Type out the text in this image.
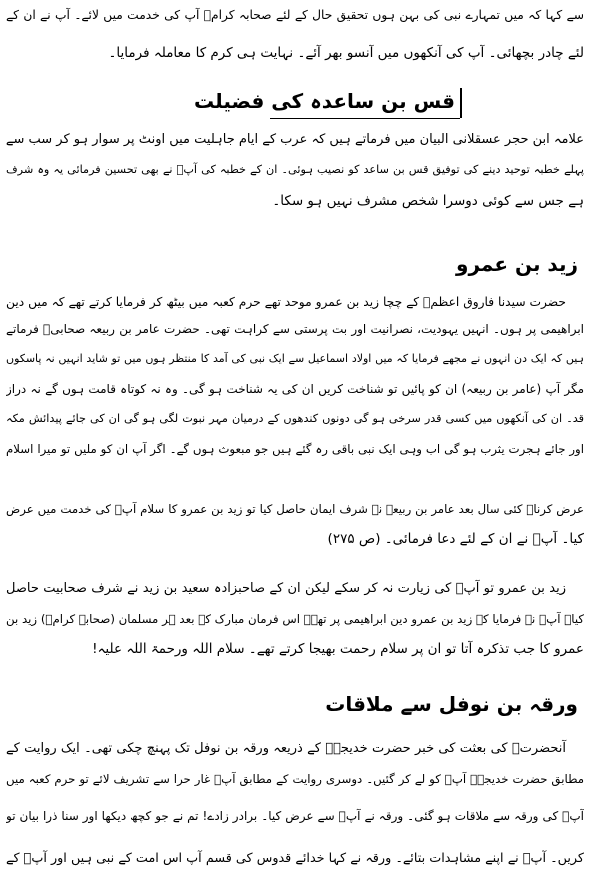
سے کہا کہ میں تمہارے نبی کی بہن ہوں تحقیق حال کے لئے صحابہ کرامؓ آپ کی خدمت میں لائے۔ آپ نے ان کے
لئے چادر بچھائی۔ آپ کی آنکھوں میں آنسو بھر آئے۔ نہایت ہی کرم کا معاملہ فرمایا۔
قس بن ساعدہ کی فضیلت
علامہ ابن حجر عسقلانی البیان میں فرماتے ہیں کہ عرب کے ایام جاہلیت میں اونٹ پر سوار ہو کر سب سے
پہلے خطبہ توحید دینے کی توفیق قس بن ساعد کو نصیب ہوئی۔ ان کے خطبہ کی آپؐ نے بھی تحسین فرمائی یہ وہ شرف
ہے جس سے کوئی دوسرا شخص مشرف نہیں ہو سکا۔
زید بن عمرو
حضرت سیدنا فاروق اعظمؓ کے چچا زید بن عمرو موحد تھے حرم کعبہ میں بیٹھ کر فرمایا کرتے تھے کہ میں دین
ابراھیمی پر ہوں۔ انہیں یہودیت، نصرانیت اور بت پرستی سے کراہت تھی۔ حضرت عامر بن ربیعہ صحابیؓ فرماتے
ہیں کہ ایک دن انہوں نے مجھے فرمایا کہ میں اولاد اسماعیل سے ایک نبی کی آمد کا منتظر ہوں میں تو شاید انہیں نہ پاسکوں
مگر آپ (عامر بن ربیعہ) ان کو پائیں تو شناخت کریں ان کی یہ شناخت ہو گی۔ وہ نہ کوتاہ قامت ہوں گے نہ دراز
قد۔ ان کی آنکھوں میں کسی قدر سرخی ہو گی دونوں کندھوں کے درمیان مہر نبوت لگی ہو گی ان کی جائے پیدائش مکہ
اور جائے ہجرت یثرب ہو گی اب وہی ایک نبی باقی رہ گئے ہیں جو مبعوث ہوں گے۔ اگر آپ ان کو ملیں تو میرا اسلام
عرض کرنا۔ کئی سال بعد عامر بن ربیعہ نے شرف ایمان حاصل کیا تو زید بن عمرو کا سلام آپؐ کی خدمت میں عرض
کیا۔ آپؐ نے ان کے لئے دعا فرمائی۔ (ص ۲۷۵)
زید بن عمرو تو آپؐ کی زیارت نہ کر سکے لیکن ان کے صاحبزادہ سعید بن زید نے شرف صحابیت حاصل
کیا۔ آپؐ نے فرمایا کہ زید بن عمرو دین ابراھیمی پر تھے۔ اس فرمان مبارک کے بعد ہر مسلمان (صحابہ کرامؓ) زید بن
عمرو کا جب تذکرہ آتا تو ان پر سلام رحمت بھیجا کرتے تھے۔ سلام اللہ ورحمۃ اللہ علیہ!
ورقہ بن نوفل سے ملاقات
آنحضرتؐ کی بعثت کی خبر حضرت خدیجہؓ کے ذریعہ ورقہ بن نوفل تک پہنچ چکی تھی۔ ایک روایت کے
مطابق حضرت خدیجہؓ آپؐ کو لے کر گئیں۔ دوسری روایت کے مطابق آپؐ غار حرا سے تشریف لائے تو حرم کعبہ میں
آپؐ کی ورقہ سے ملاقات ہو گئی۔ ورقہ نے آپؐ سے عرض کیا۔ برادر زادے! تم نے جو کچھ دیکھا اور سنا ذرا بیان تو
کریں۔ آپؐ نے اپنے مشاہدات بتائے۔ ورقہ نے کہا خدائے قدوس کی قسم آپ اس امت کے نبی ہیں اور آپؐ کے
